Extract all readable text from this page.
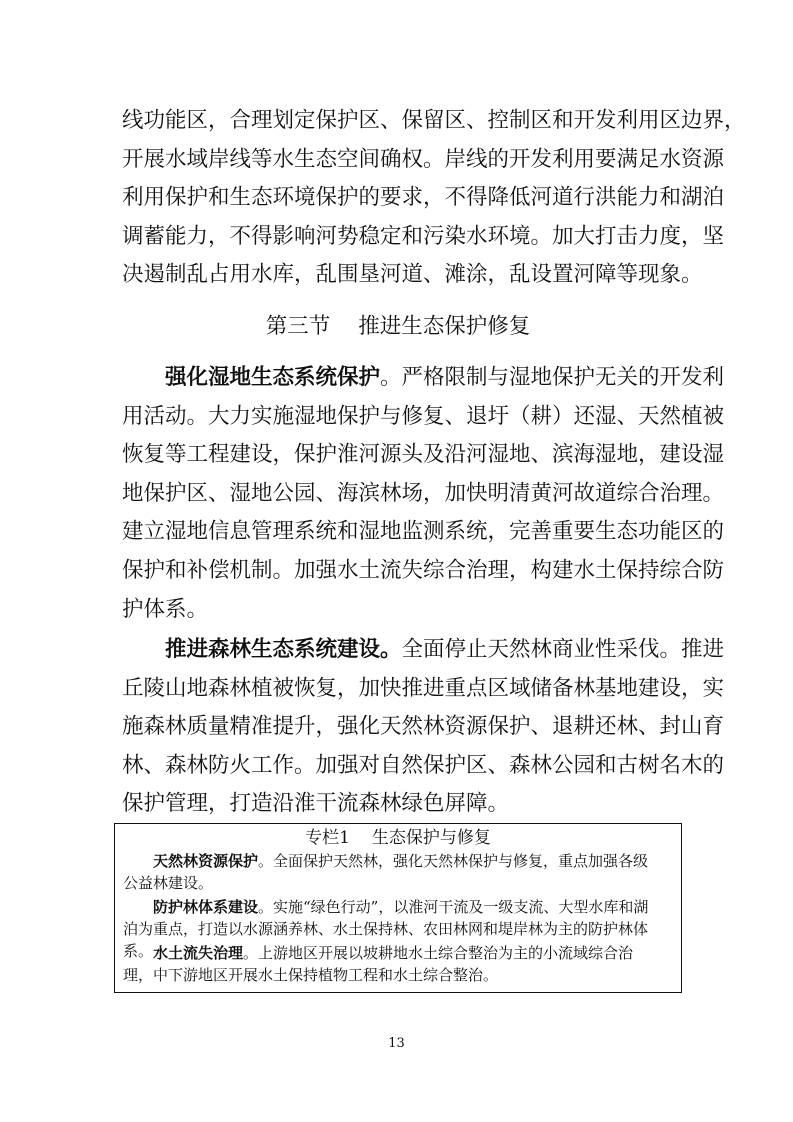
线功能区，合理划定保护区、保留区、控制区和开发利用区边界，
开展水域岸线等水生态空间确权。岸线的开发利用要满足水资源
利用保护和生态环境保护的要求，不得降低河道行洪能力和湖泊
调蓄能力，不得影响河势稳定和污染水环境。加大打击力度，坚
决遏制乱占用水库，乱围垦河道、滩涂，乱设置河障等现象。
第三节 推进生态保护修复
强化湿地生态系统保护。严格限制与湿地保护无关的开发利
用活动。大力实施湿地保护与修复、退圩（耕）还湿、天然植被
恢复等工程建设，保护淮河源头及沿河湿地、滨海湿地，建设湿
地保护区、湿地公园、海滨林场，加快明清黄河故道综合治理。
建立湿地信息管理系统和湿地监测系统，完善重要生态功能区的
保护和补偿机制。加强水土流失综合治理，构建水土保持综合防
护体系。
推进森林生态系统建设。全面停止天然林商业性采伐。推进
丘陵山地森林植被恢复，加快推进重点区域储备林基地建设，实
施森林质量精准提升，强化天然林资源保护、退耕还林、封山育
林、森林防火工作。加强对自然保护区、森林公园和古树名木的
保护管理，打造沿淮干流森林绿色屏障。
专栏1 生态保护与修复
天然林资源保护。全面保护天然林，强化天然林保护与修复，重点加强各级
公益林建设。
防护林体系建设。实施“绿色行动”，以淮河干流及一级支流、大型水库和湖
泊为重点，打造以水源涵养林、水土保持林、农田林网和堤岸林为主的防护林体
系。 水土流失治理。上游地区开展以坡耕地水土综合整治为主的小流域综合治
理，中下游地区开展水土保持植物工程和水土综合整治。
13
